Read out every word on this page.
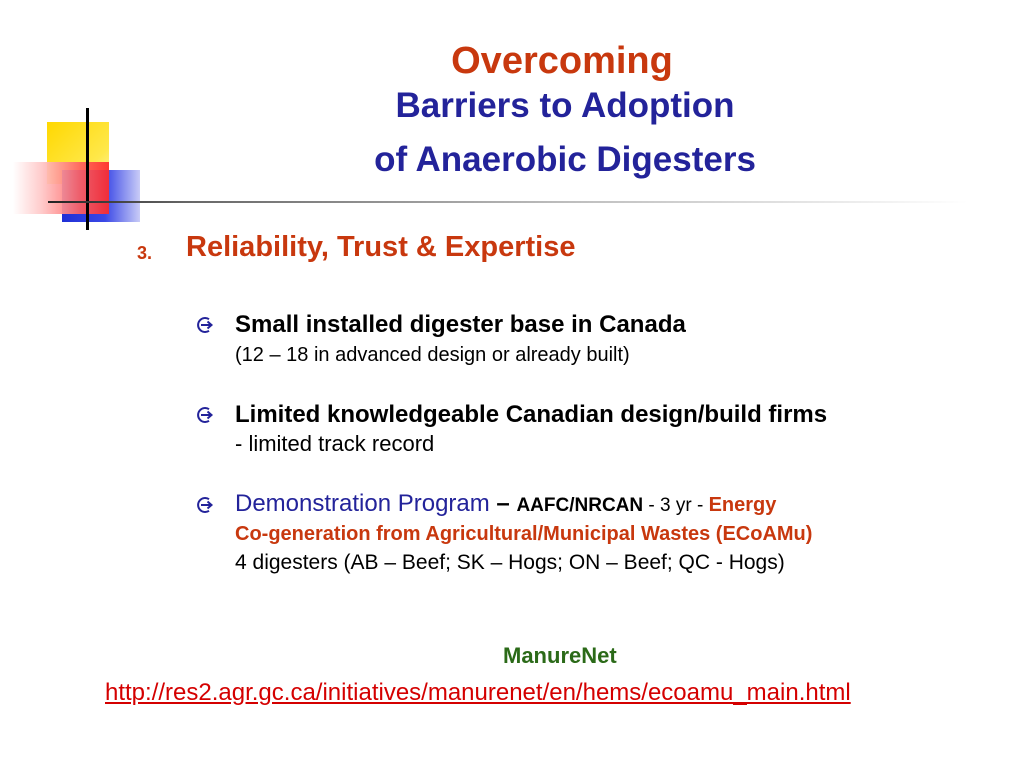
Overcoming
Barriers to Adoption
of Anaerobic Digesters
3. Reliability, Trust & Expertise
Small installed digester base in Canada
(12 – 18 in advanced design or already built)
Limited knowledgeable Canadian design/build firms
- limited track record
Demonstration Program – AAFC/NRCAN - 3 yr - Energy
Co-generation from Agricultural/Municipal Wastes (ECoAMu)
4 digesters (AB – Beef; SK – Hogs; ON – Beef; QC - Hogs)
ManureNet
http://res2.agr.gc.ca/initiatives/manurenet/en/hems/ecoamu_main.html
